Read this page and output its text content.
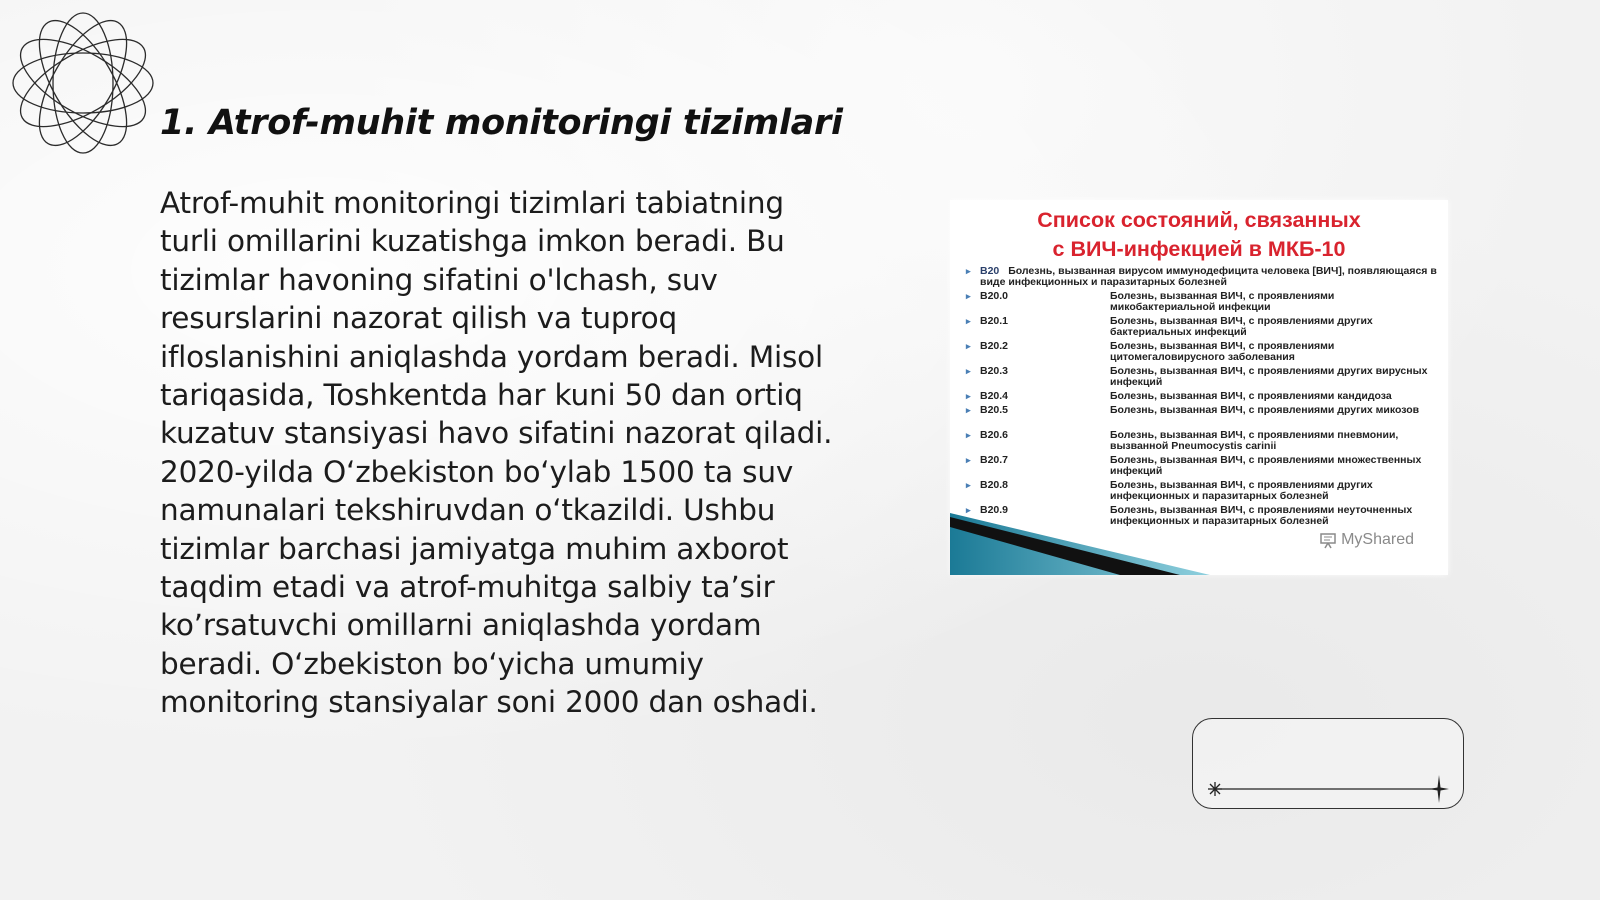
1. Atrof-muhit monitoringi tizimlari

Atrof-muhit monitoringi tizimlari tabiatning turli omillarini kuzatishga imkon beradi. Bu tizimlar havoning sifatini o'lchash, suv resurslarini nazorat qilish va tuproq ifloslanishini aniqlashda yordam beradi. Misol tariqasida, Toshkentda har kuni 50 dan ortiq kuzatuv stansiyasi havo sifatini nazorat qiladi. 2020-yilda O‘zbekiston bo‘ylab 1500 ta suv namunalari tekshiruvdan o‘tkazildi. Ushbu tizimlar barchasi jamiyatga muhim axborot taqdim etadi va atrof-muhitga salbiy ta’sir ko’rsatuvchi omillarni aniqlashda yordam beradi. O‘zbekiston bo‘yicha umumiy monitoring stansiyalar soni 2000 dan oshadi.

Список состояний, связанных
с ВИЧ-инфекцией в МКБ-10
▸ B20 Болезнь, вызванная вирусом иммунодефицита человека [ВИЧ], появляющаяся в виде инфекционных и паразитарных болезней
▸ B20.0	Болезнь, вызванная ВИЧ, с проявлениями микобактериальной инфекции
▸ B20.1	Болезнь, вызванная ВИЧ, с проявлениями других бактериальных инфекций
▸ B20.2	Болезнь, вызванная ВИЧ, с проявлениями цитомегаловирусного заболевания
▸ B20.3	Болезнь, вызванная ВИЧ, с проявлениями других вирусных инфекций
▸ B20.4	Болезнь, вызванная ВИЧ, с проявлениями кандидоза
▸ B20.5	Болезнь, вызванная ВИЧ, с проявлениями других микозов
▸ B20.6	Болезнь, вызванная ВИЧ, с проявлениями пневмонии, вызванной Pneumocystis carinii
▸ B20.7	Болезнь, вызванная ВИЧ, с проявлениями множественных инфекций
▸ B20.8	Болезнь, вызванная ВИЧ, с проявлениями других инфекционных и паразитарных болезней
▸ B20.9	Болезнь, вызванная ВИЧ, с проявлениями неуточненных инфекционных и паразитарных болезней
MyShared
